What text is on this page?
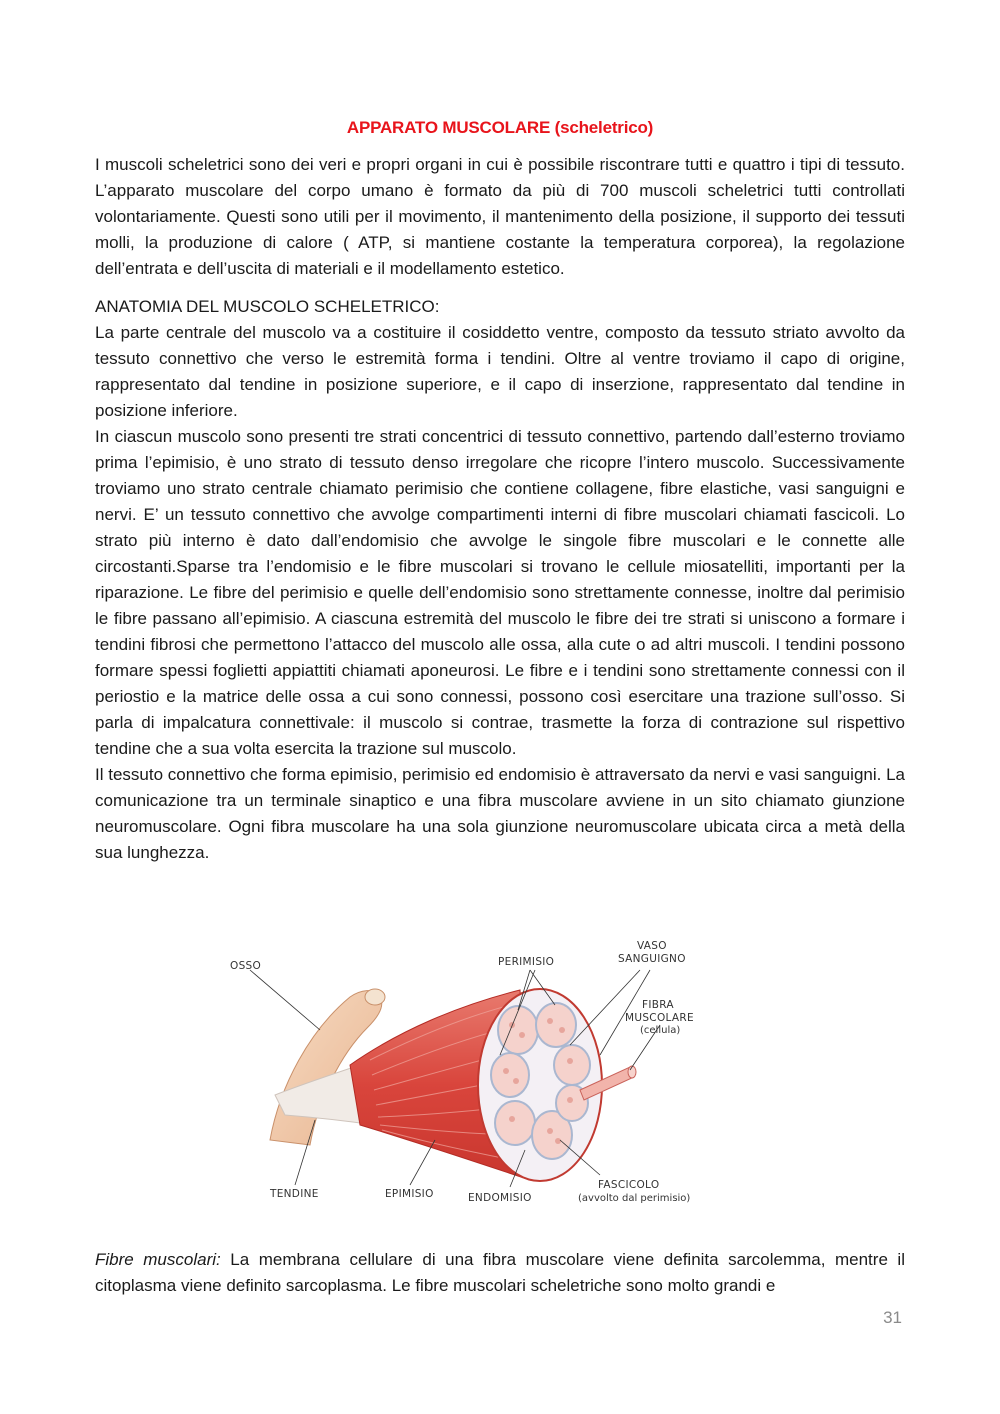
APPARATO MUSCOLARE (scheletrico)

I muscoli scheletrici sono dei veri e propri organi in cui è possibile riscontrare tutti e quattro i tipi di tessuto. L’apparato muscolare del corpo umano è formato da più di 700 muscoli scheletrici tutti controllati volontariamente. Questi sono utili per il movimento, il mantenimento della posizione, il supporto dei tessuti molli, la produzione di calore ( ATP, si mantiene costante la temperatura corporea), la regolazione dell’entrata e dell’uscita di materiali e il modellamento estetico.

ANATOMIA DEL MUSCOLO SCHELETRICO:

La parte centrale del muscolo va a costituire il cosiddetto ventre, composto da tessuto striato avvolto da tessuto connettivo che verso le estremità forma i tendini. Oltre al ventre troviamo il capo di origine, rappresentato dal tendine in posizione superiore, e il capo di inserzione, rappresentato dal tendine in posizione inferiore.

In ciascun muscolo sono presenti tre strati concentrici di tessuto connettivo, partendo dall’esterno troviamo prima l’epimisio, è uno strato di tessuto denso irregolare che ricopre l’intero muscolo. Successivamente troviamo uno strato centrale chiamato perimisio che contiene collagene, fibre elastiche, vasi sanguigni e nervi. E’ un tessuto connettivo che avvolge compartimenti interni di fibre muscolari chiamati fascicoli. Lo strato più interno è dato dall’endomisio che avvolge le singole fibre muscolari e le connette alle circostanti.Sparse tra l’endomisio e le fibre muscolari si trovano le cellule miosatelliti, importanti per la riparazione. Le fibre del perimisio e quelle dell’endomisio sono strettamente connesse, inoltre dal perimisio le fibre passano all’epimisio. A ciascuna estremità del muscolo le fibre dei tre strati si uniscono a formare i tendini fibrosi che permettono l’attacco del muscolo alle ossa, alla cute o ad altri muscoli. I tendini possono formare spessi foglietti appiattiti chiamati aponeurosi. Le fibre e i tendini sono strettamente connessi con il periostio e la matrice delle ossa a cui sono connessi, possono così esercitare una trazione sull’osso. Si parla di impalcatura connettivale: il muscolo si contrae, trasmette la forza di contrazione sul rispettivo tendine che a sua volta esercita la trazione sul muscolo.

Il tessuto connettivo che forma epimisio, perimisio ed endomisio è attraversato da nervi e vasi sanguigni. La comunicazione tra un terminale sinaptico e una fibra muscolare avviene in un sito chiamato giunzione neuromuscolare. Ogni fibra muscolare ha una sola giunzione neuromuscolare ubicata circa a metà della sua lunghezza.

OSSO	PERIMISIO
VASO
SANGUIGNO
FIBRA
MUSCOLARE
(cellula)
TENDINE	EPIMISIO	ENDOMISIO
FASCICOLO
(avvolto dal perimisio)

Fibre muscolari: La membrana cellulare di una fibra muscolare viene definita sarcolemma, mentre il citoplasma viene definito sarcoplasma. Le fibre muscolari scheletriche sono molto grandi e

31
